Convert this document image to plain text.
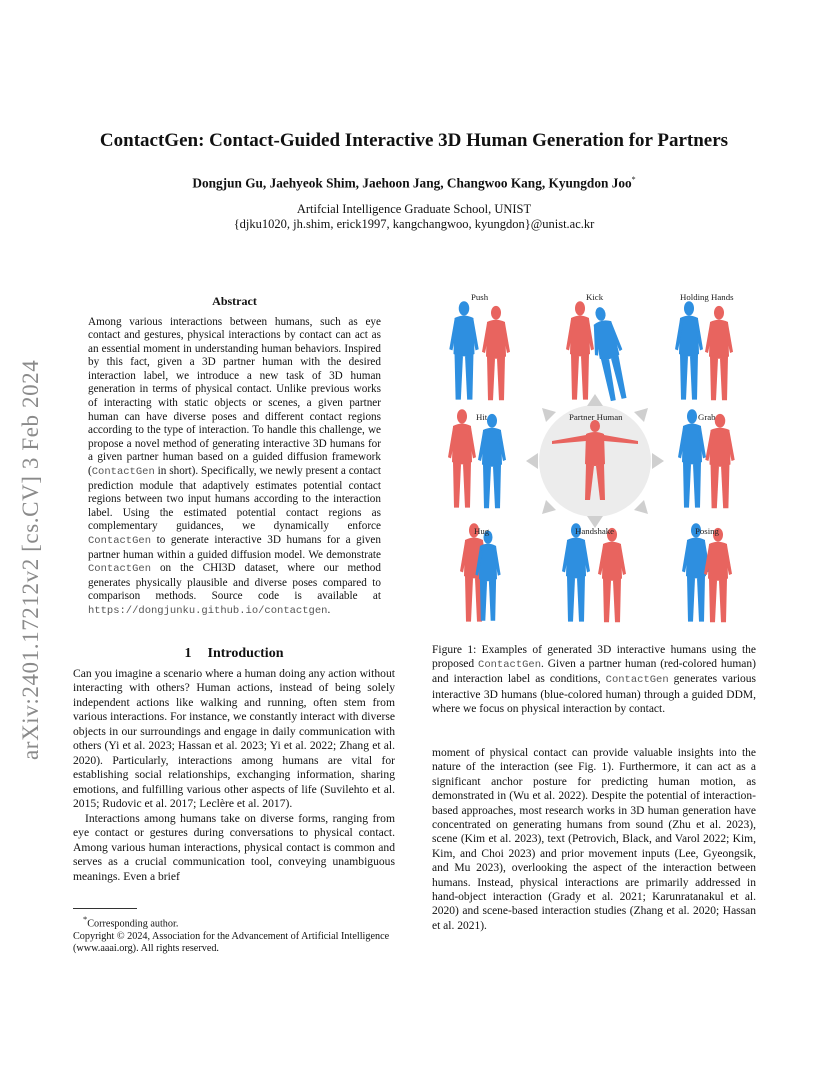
arXiv:2401.17212v2 [cs.CV] 3 Feb 2024
ContactGen: Contact-Guided Interactive 3D Human Generation for Partners
Dongjun Gu, Jaehyeok Shim, Jaehoon Jang, Changwoo Kang, Kyungdon Joo*
Artifcial Intelligence Graduate School, UNIST
{djku1020, jh.shim, erick1997, kangchangwoo, kyungdon}@unist.ac.kr
Abstract
Among various interactions between humans, such as eye contact and gestures, physical interactions by contact can act as an essential moment in understanding human behaviors. Inspired by this fact, given a 3D partner human with the desired interaction label, we introduce a new task of 3D human generation in terms of physical contact. Unlike previous works of interacting with static objects or scenes, a given partner human can have diverse poses and different contact regions according to the type of interaction. To handle this challenge, we propose a novel method of generating interactive 3D humans for a given partner human based on a guided diffusion framework (ContactGen in short). Specifically, we newly present a contact prediction module that adaptively estimates potential contact regions between two input humans according to the interaction label. Using the estimated potential contact regions as complementary guidances, we dynamically enforce ContactGen to generate interactive 3D humans for a given partner human within a guided diffusion model. We demonstrate ContactGen on the CHI3D dataset, where our method generates physically plausible and diverse poses compared to comparison methods. Source code is available at https://dongjunku.github.io/contactgen.
1 Introduction

Can you imagine a scenario where a human doing any action without interacting with others? Human actions, instead of being solely independent actions like walking and running, often stem from various interactions. For instance, we constantly interact with diverse objects in our surroundings and engage in daily communication with others (Yi et al. 2023; Hassan et al. 2023; Yi et al. 2022; Zhang et al. 2020). Particularly, interactions among humans are vital for establishing social relationships, exchanging information, sharing emotions, and fulfilling various other aspects of life (Suvilehto et al. 2015; Rudovic et al. 2017; Leclère et al. 2017).

Interactions among humans take on diverse forms, ranging from eye contact or gestures during conversations to physical contact. Among various human interactions, physical contact is common and serves as a crucial communication tool, conveying unambiguous meanings. Even a brief

*Corresponding author.
Copyright © 2024, Association for the Advancement of Artificial Intelligence (www.aaai.org). All rights reserved.
Push	Kick	Holding Hands
Hit	Partner Human	Grab
Hug	Handshake	Posing
Figure 1: Examples of generated 3D interactive humans using the proposed ContactGen. Given a partner human (red-colored human) and interaction label as conditions, ContactGen generates various interactive 3D humans (blue-colored human) through a guided DDM, where we focus on physical interaction by contact.
moment of physical contact can provide valuable insights into the nature of the interaction (see Fig. 1). Furthermore, it can act as a significant anchor posture for predicting human motion, as demonstrated in (Wu et al. 2022). Despite the potential of interaction-based approaches, most research works in 3D human generation have concentrated on generating humans from sound (Zhu et al. 2023), scene (Kim et al. 2023), text (Petrovich, Black, and Varol 2022; Kim, Kim, and Choi 2023) and prior movement inputs (Lee, Gyeongsik, and Mu 2023), overlooking the aspect of the interaction between humans. Instead, physical interactions are primarily addressed in hand-object interaction (Grady et al. 2021; Karunratanakul et al. 2020) and scene-based interaction studies (Zhang et al. 2020; Hassan et al. 2021).
